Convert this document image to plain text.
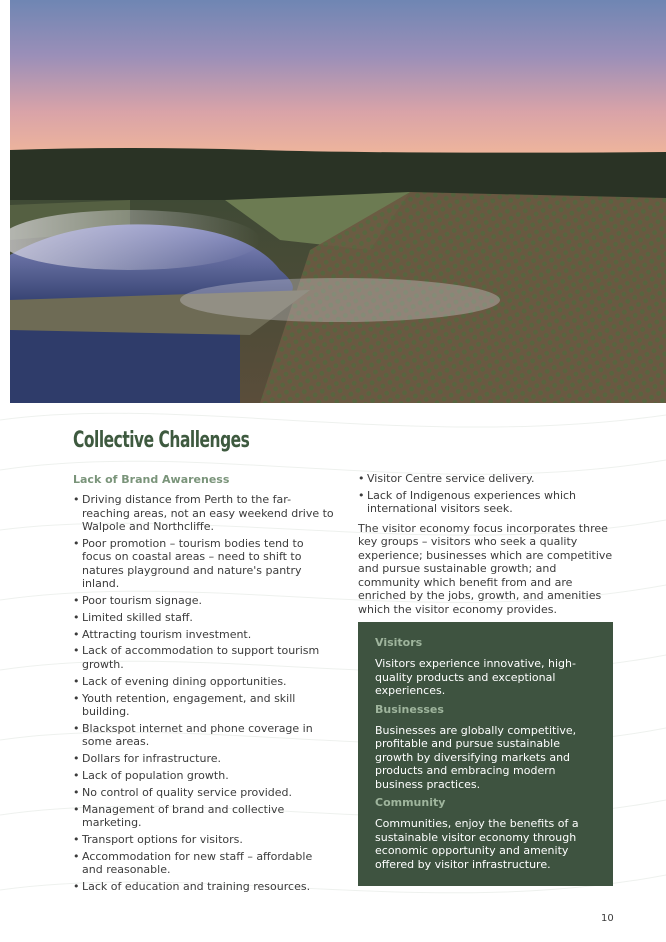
Collective Challenges
Lack of Brand Awareness
• Driving distance from Perth to the far-reaching areas, not an easy weekend drive to Walpole and Northcliffe.
• Poor promotion – tourism bodies tend to focus on coastal areas – need to shift to natures playground and nature's pantry inland.
• Poor tourism signage.
• Limited skilled staff.
• Attracting tourism investment.
• Lack of accommodation to support tourism growth.
• Lack of evening dining opportunities.
• Youth retention, engagement, and skill building.
• Blackspot internet and phone coverage in some areas.
• Dollars for infrastructure.
• Lack of population growth.
• No control of quality service provided.
• Management of brand and collective marketing.
• Transport options for visitors.
• Accommodation for new staff – affordable and reasonable.
• Lack of education and training resources.
• Visitor Centre service delivery.
• Lack of Indigenous experiences which international visitors seek.

The visitor economy focus incorporates three key groups – visitors who seek a quality experience; businesses which are competitive and pursue sustainable growth; and community which benefit from and are enriched by the jobs, growth, and amenities which the visitor economy provides.

Visitors

Visitors experience innovative, high-quality products and exceptional experiences.

Businesses

Businesses are globally competitive, profitable and pursue sustainable growth by diversifying markets and products and embracing modern business practices.

Community

Communities, enjoy the benefits of a sustainable visitor economy through economic opportunity and amenity offered by visitor infrastructure.

10
